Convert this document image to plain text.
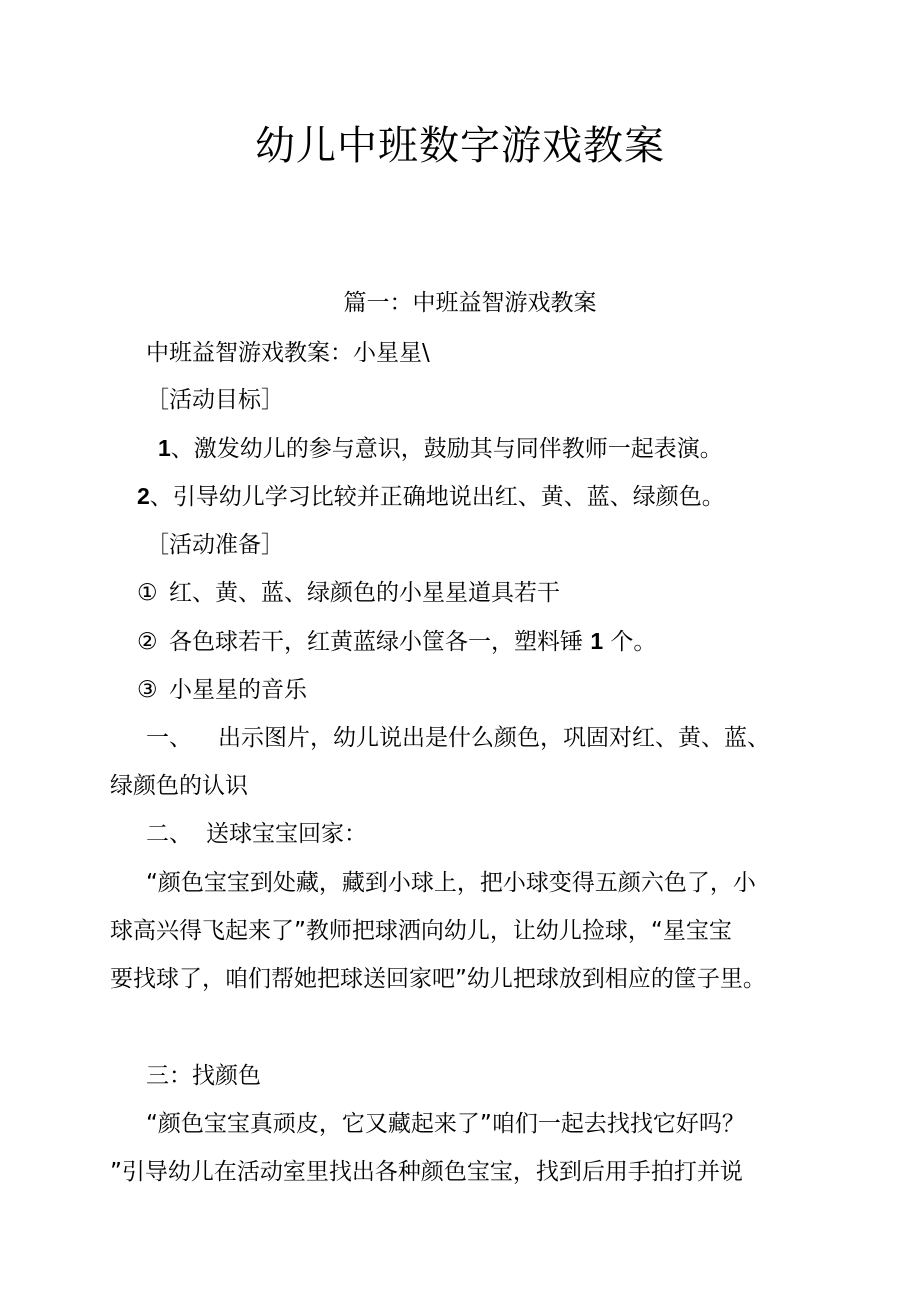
幼儿中班数字游戏教案
篇一：中班益智游戏教案
中班益智游戏教案：小星星\
［活动目标］
1、激发幼儿的参与意识，鼓励其与同伴教师一起表演。
2、引导幼儿学习比较并正确地说出红、黄、蓝、绿颜色。
［活动准备］
① 红、黄、蓝、绿颜色的小星星道具若干
② 各色球若干，红黄蓝绿小筐各一，塑料锤 1 个。
③ 小星星的音乐
一、 出示图片，幼儿说出是什么颜色，巩固对红、黄、蓝、
绿颜色的认识
二、 送球宝宝回家：
“颜色宝宝到处藏，藏到小球上，把小球变得五颜六色了，小
球高兴得飞起来了”教师把球洒向幼儿，让幼儿捡球，“星宝宝
要找球了，咱们帮她把球送回家吧”幼儿把球放到相应的筐子里。
三：找颜色
“颜色宝宝真顽皮，它又藏起来了”咱们一起去找找它好吗？
”引导幼儿在活动室里找出各种颜色宝宝，找到后用手拍打并说
